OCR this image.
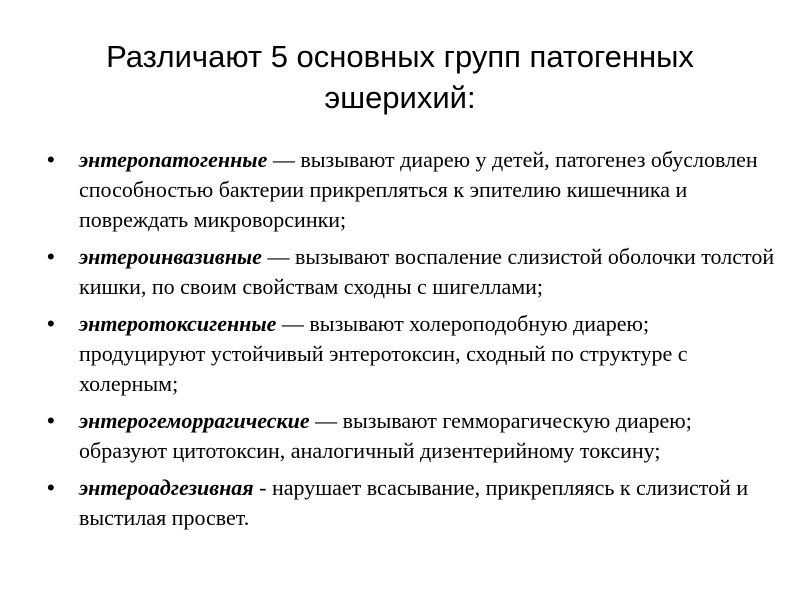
Различают 5 основных групп патогенных эшерихий:
• энтеропатогенные — вызывают диарею у детей, патогенез обусловлен способностью бактерии прикрепляться к эпителию кишечника и повреждать микроворсинки;
• энтероинвазивные — вызывают воспаление слизистой оболочки толстой кишки, по своим свойствам сходны с шигеллами;
• энтеротоксигенные — вызывают холероподобную диарею; продуцируют устойчивый энтеротоксин, сходный по структуре с холерным;
• энтерогеморрагические — вызывают гемморагическую диарею; образуют цитотоксин, аналогичный дизентерийному токсину;
• энтероадгезивная - нарушает всасывание, прикрепляясь к слизистой и выстилая просвет.
